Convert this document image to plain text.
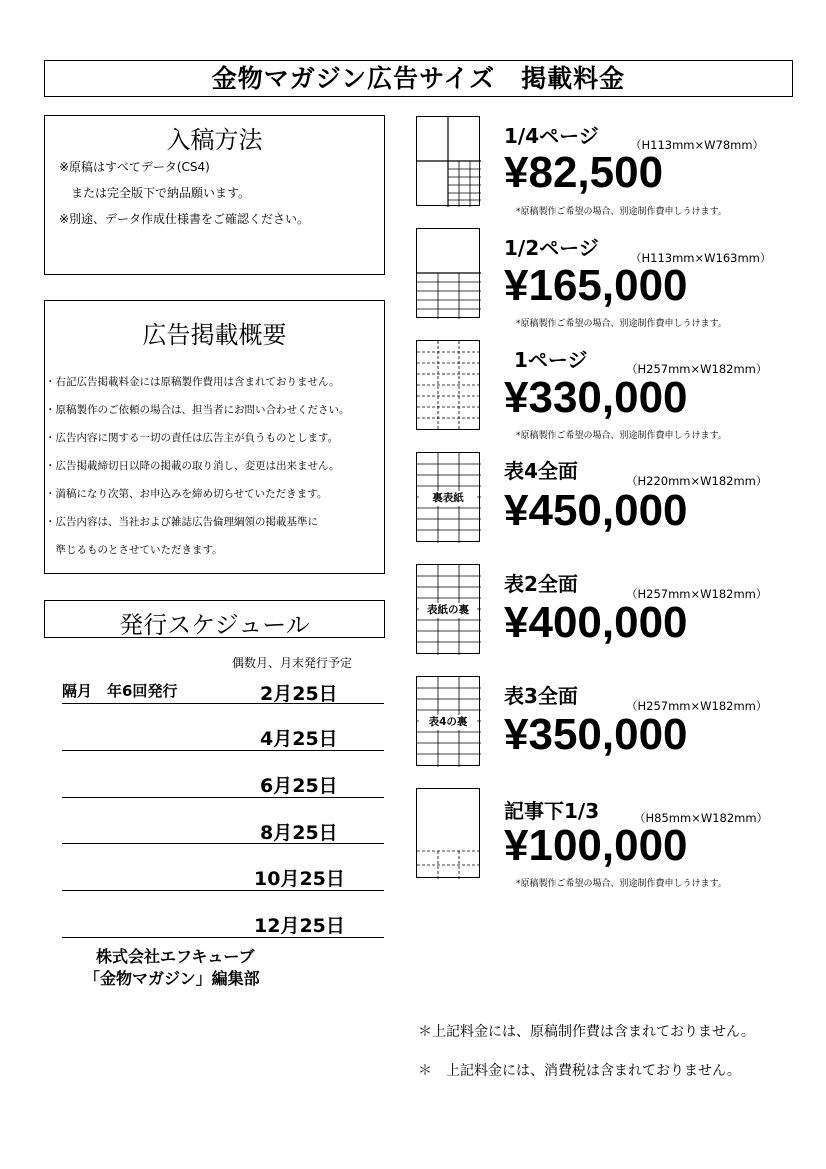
金物マガジン広告サイズ　掲載料金
入稿方法
※原稿はすべてデータ(CS4)
　または完全版下で納品願います。
※別途、データ作成仕様書をご確認ください。
広告掲載概要
・右記広告掲載料金には原稿製作費用は含まれておりません。
・原稿製作のご依頼の場合は、担当者にお問い合わせください。
・広告内容に関する一切の責任は広告主が負うものとします。
・広告掲載締切日以降の掲載の取り消し、変更は出来ません。
・満稿になり次第、お申込みを締め切らせていただきます。
・広告内容は、当社および雑誌広告倫理綱領の掲載基準に
　準じるものとさせていただきます。
発行スケジュール
偶数月、月末発行予定
隔月　年6回発行	2月25日
4月25日
6月25日
8月25日
10月25日
12月25日
株式会社エフキューブ
「金物マガジン」編集部
裏表紙
表紙の裏
表4の裏
1/4ページ	（H113mm×W78mm）
¥82,500
*原稿製作ご希望の場合、別途制作費申しうけます。
1/2ページ	（H113mm×W163mm）
¥165,000
*原稿製作ご希望の場合、別途制作費申しうけます。
1ページ	（H257mm×W182mm）
¥330,000
*原稿製作ご希望の場合、別途制作費申しうけます。
表4全面	（H220mm×W182mm）
¥450,000
表2全面	（H257mm×W182mm）
¥400,000
表3全面	（H257mm×W182mm）
¥350,000
記事下1/3	（H85mm×W182mm）
¥100,000
*原稿製作ご希望の場合、別途制作費申しうけます。
＊上記料金には、原稿制作費は含まれておりません。
＊　上記料金には、消費税は含まれておりません。
